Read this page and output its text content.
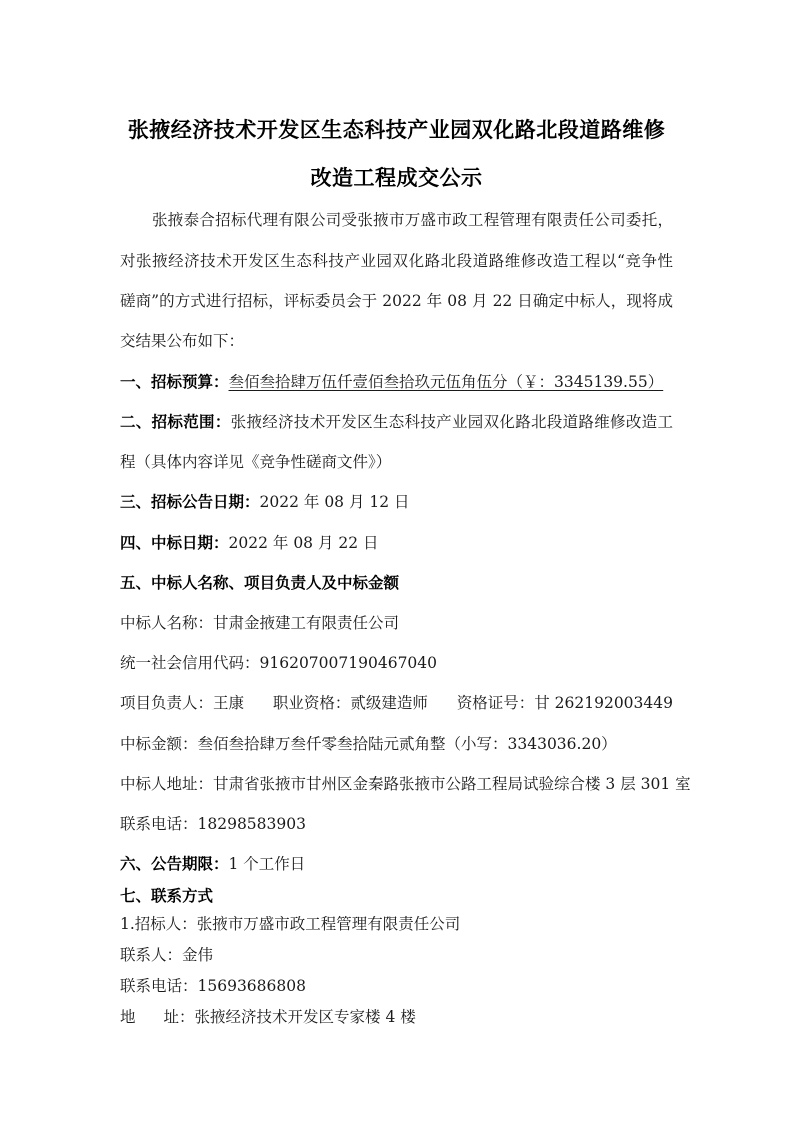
张掖经济技术开发区生态科技产业园双化路北段道路维修
改造工程成交公示
张掖泰合招标代理有限公司受张掖市万盛市政工程管理有限责任公司委托，
对张掖经济技术开发区生态科技产业园双化路北段道路维修改造工程以“竞争性
磋商”的方式进行招标，评标委员会于 2022 年 08 月 22 日确定中标人，现将成
交结果公布如下：
一、招标预算：叁佰叁拾肆万伍仟壹佰叁拾玖元伍角伍分（￥：3345139.55）
二、招标范围：张掖经济技术开发区生态科技产业园双化路北段道路维修改造工
程（具体内容详见《竞争性磋商文件》）
三、招标公告日期：2022 年 08 月 12 日
四、中标日期：2022 年 08 月 22 日
五、中标人名称、项目负责人及中标金额
中标人名称：甘肃金掖建工有限责任公司
统一社会信用代码：916207007190467040
项目负责人：王康 职业资格：贰级建造师 资格证号：甘 262192003449
中标金额：叁佰叁拾肆万叁仟零叁拾陆元贰角整（小写：3343036.20）
中标人地址：甘肃省张掖市甘州区金秦路张掖市公路工程局试验综合楼 3 层 301 室
联系电话：18298583903
六、公告期限：1 个工作日
七、联系方式
1.招标人：张掖市万盛市政工程管理有限责任公司
联系人：金伟
联系电话：15693686808
地 址：张掖经济技术开发区专家楼 4 楼
